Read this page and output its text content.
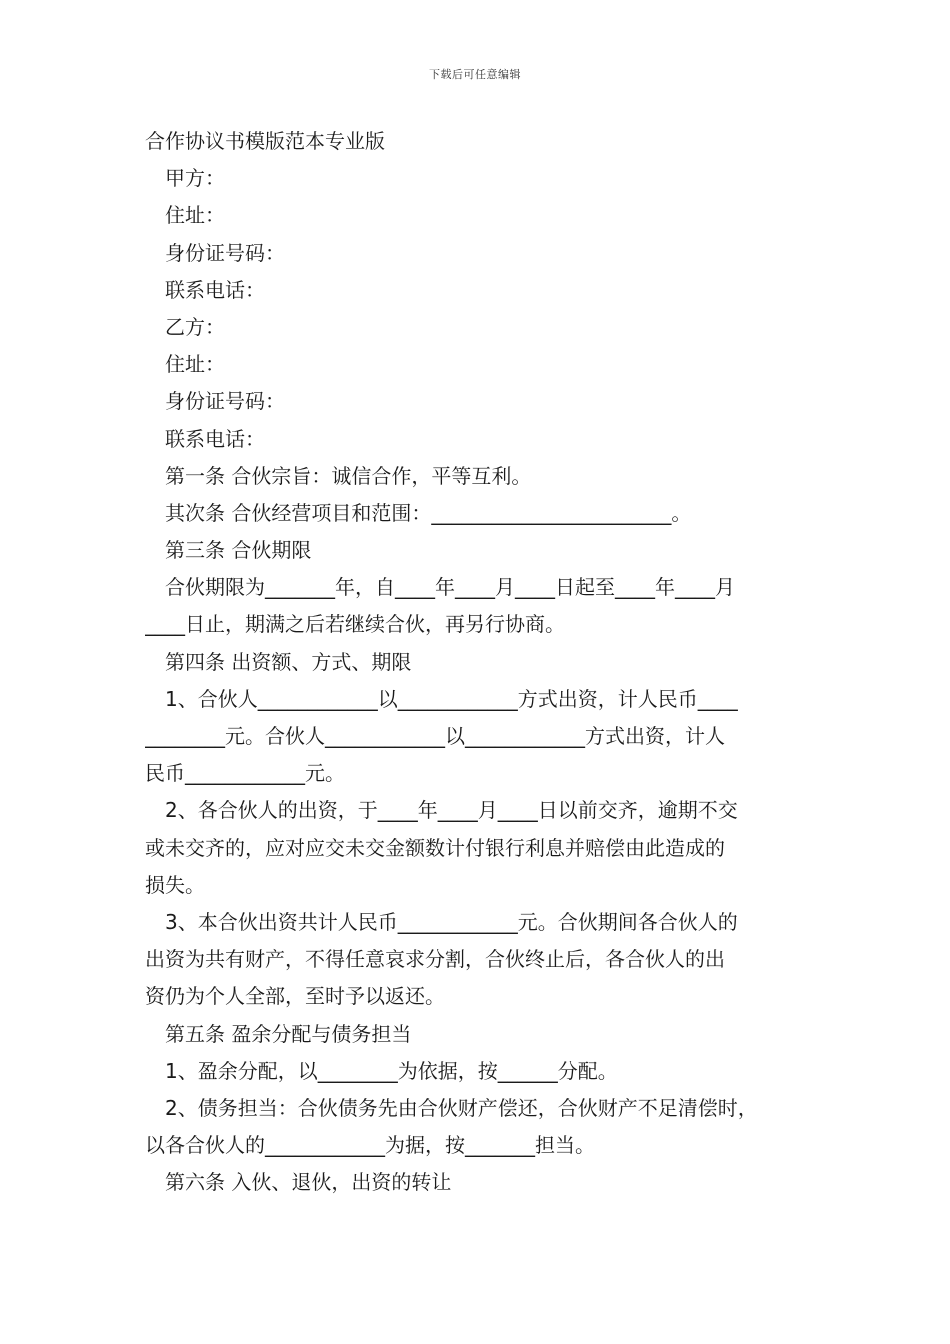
下载后可任意编辑
合作协议书模版范本专业版
甲方：
住址：
身份证号码：
联系电话：
乙方：
住址：
身份证号码：
联系电话：
第一条 合伙宗旨：诚信合作，平等互利。
其次条 合伙经营项目和范围：________________________。
第三条 合伙期限
合伙期限为_______年，自____年____月____日起至____年____月
____日止，期满之后若继续合伙，再另行协商。
第四条 出资额、方式、期限
1、合伙人____________以____________方式出资，计人民币____
________元。合伙人____________以____________方式出资，计人
民币____________元。
2、各合伙人的出资，于____年____月____日以前交齐，逾期不交
或未交齐的，应对应交未交金额数计付银行利息并赔偿由此造成的
损失。
3、本合伙出资共计人民币____________元。合伙期间各合伙人的
出资为共有财产，不得任意哀求分割，合伙终止后，各合伙人的出
资仍为个人全部，至时予以返还。
第五条 盈余分配与债务担当
1、盈余分配，以________为依据，按______分配。
2、债务担当：合伙债务先由合伙财产偿还，合伙财产不足清偿时，
以各合伙人的____________为据，按_______担当。
第六条 入伙、退伙，出资的转让
